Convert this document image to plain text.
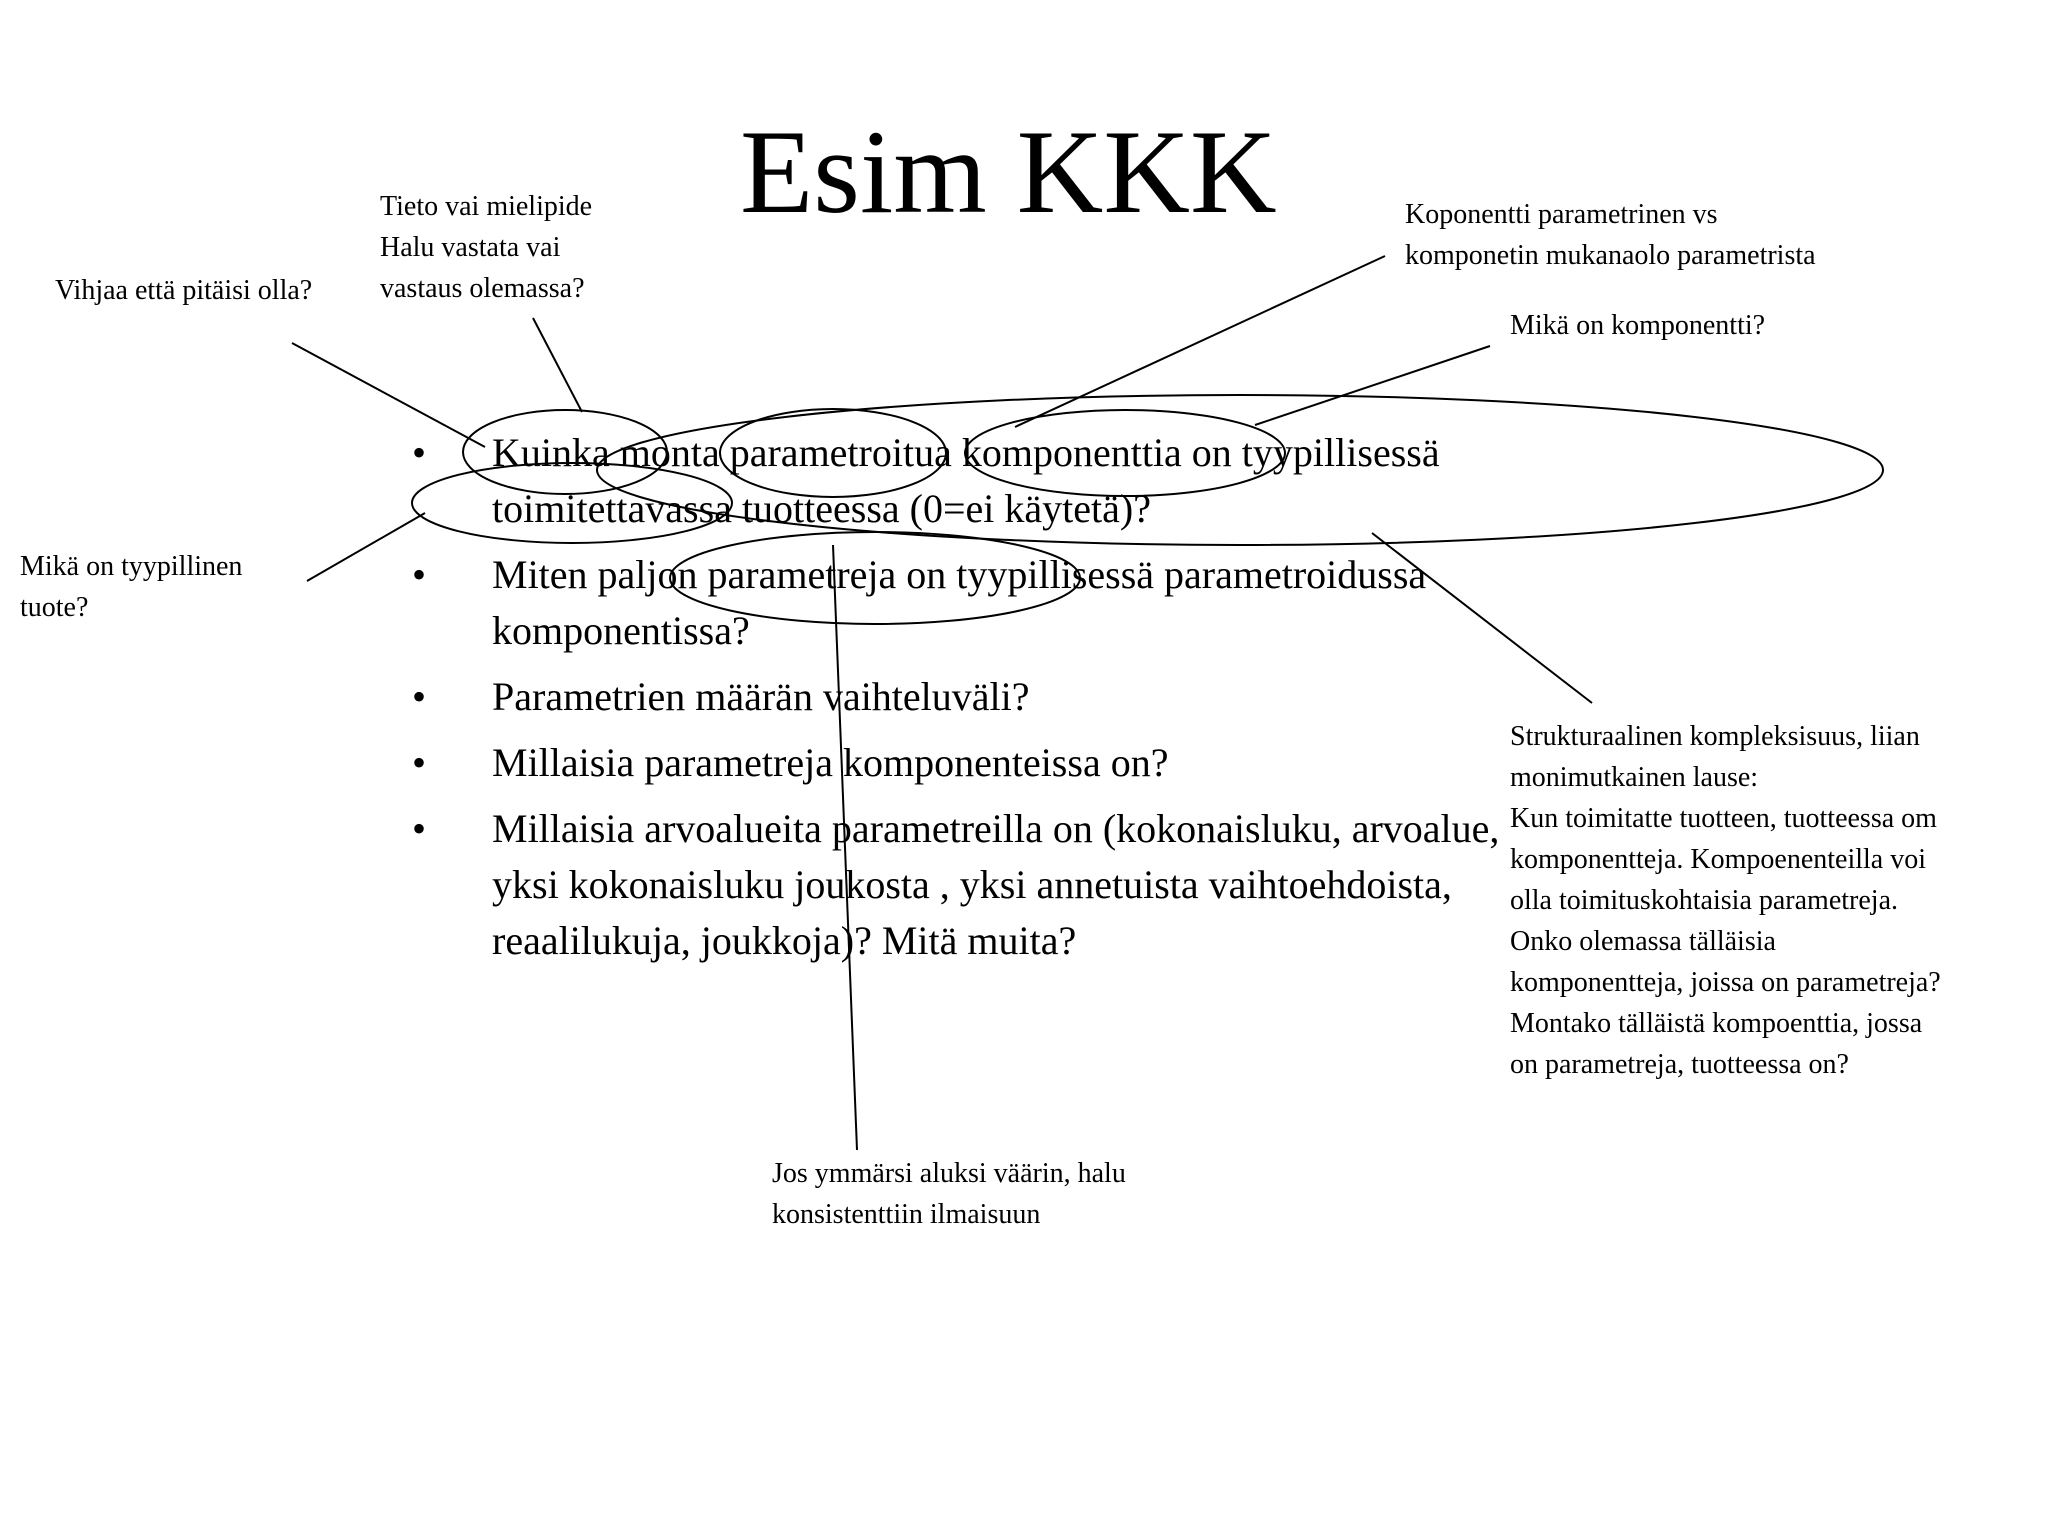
Esim KKK
• Kuinka monta parametroitua komponenttia on tyypillisessä toimitettavassa tuotteessa (0=ei käytetä)?
• Miten paljon parametreja on tyypillisessä parametroidussa komponentissa?
• Parametrien määrän vaihteluväli?
• Millaisia parametreja komponenteissa on?
• Millaisia arvoalueita parametreilla on (kokonaisluku, arvoalue, yksi kokonaisluku joukosta , yksi annetuista vaihtoehdoista, reaalilukuja, joukkoja)? Mitä muita?

Tieto vai mielipide
Halu vastata vai
vastaus olemassa?

Vihjaa että pitäisi olla?

Koponentti parametrinen vs
komponetin mukanaolo parametrista

Mikä on komponentti?

Mikä on tyypillinen
tuote?

Strukturaalinen kompleksisuus, liian
monimutkainen lause:
Kun toimitatte tuotteen, tuotteessa om
komponentteja. Kompoenenteilla voi
olla toimituskohtaisia parametreja.
Onko olemassa tälläisia
komponentteja, joissa on parametreja?
Montako tälläistä kompoenttia, jossa
on parametreja, tuotteessa on?

Jos ymmärsi aluksi väärin, halu
konsistenttiin ilmaisuun
